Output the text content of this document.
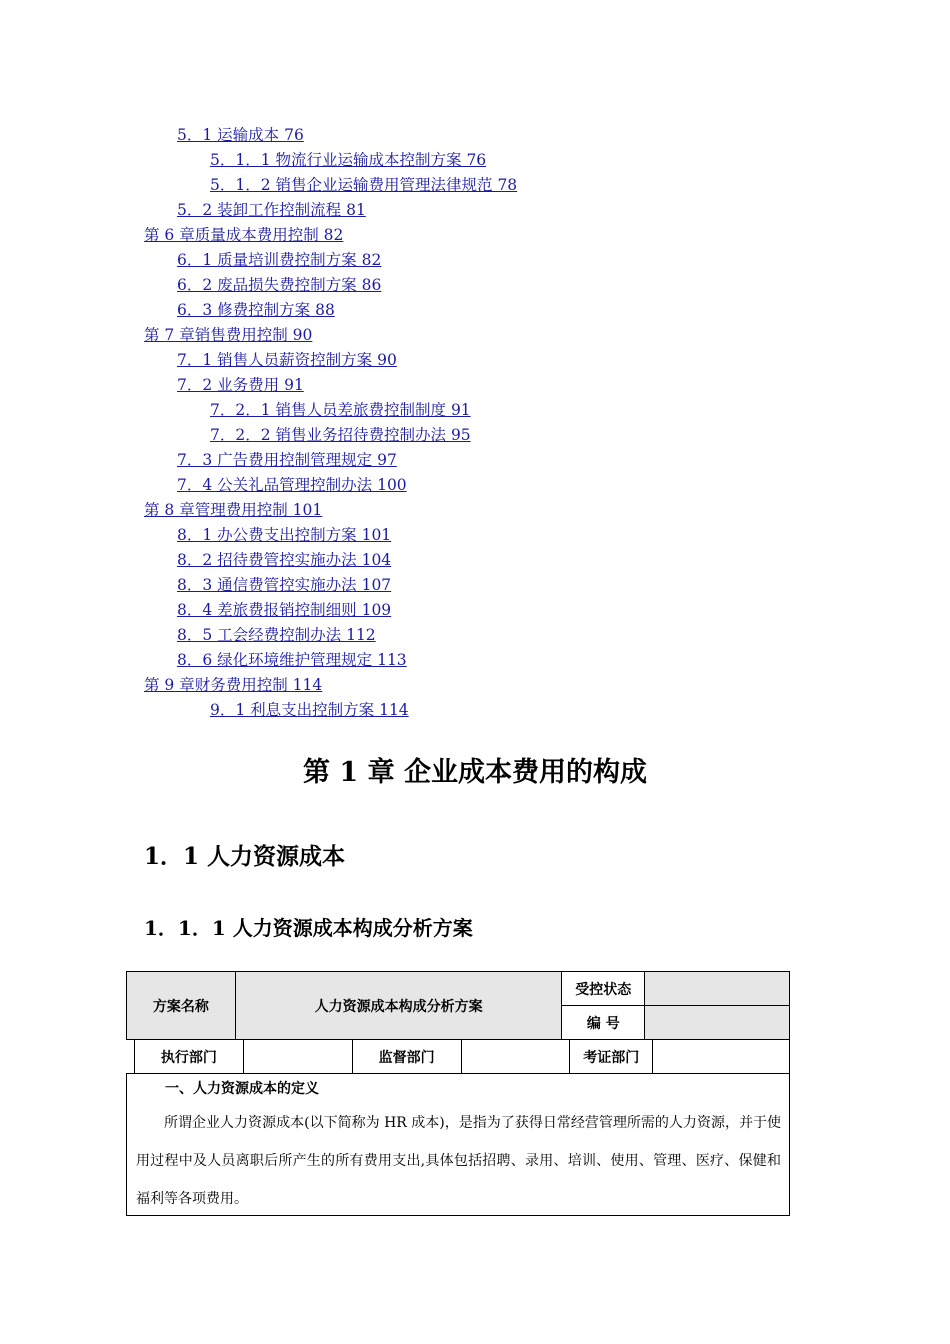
5．1 运输成本 76
5．1．1 物流行业运输成本控制方案 76
5．1．2 销售企业运输费用管理法律规范 78
5．2 装卸工作控制流程 81
第 6 章质量成本费用控制 82
6．1 质量培训费控制方案 82
6．2 废品损失费控制方案 86
6．3 修费控制方案 88
第 7 章销售费用控制 90
7．1 销售人员薪资控制方案 90
7．2 业务费用 91
7．2．1 销售人员差旅费控制制度 91
7．2．2 销售业务招待费控制办法 95
7．3 广告费用控制管理规定 97
7．4 公关礼品管理控制办法 100
第 8 章管理费用控制 101
8．1 办公费支出控制方案 101
8．2 招待费管控实施办法 104
8．3 通信费管控实施办法 107
8．4 差旅费报销控制细则 109
8．5 工会经费控制办法 112
8．6 绿化环境维护管理规定 113
第 9 章财务费用控制 114
9．1 利息支出控制方案 114
第 1 章 企业成本费用的构成
1．1 人力资源成本
1．1．1 人力资源成本构成分析方案
方案名称	人力资源成本构成分析方案	受控状态	
		编 号	
执行部门		监督部门		考证部门	
一、人力资源成本的定义
所谓企业人力资源成本(以下简称为 HR 成本)，是指为了获得日常经营管理所需的人力资源，并于使用过程中及人员离职后所产生的所有费用支出,具体包括招聘、录用、培训、使用、管理、医疗、保健和福利等各项费用。
